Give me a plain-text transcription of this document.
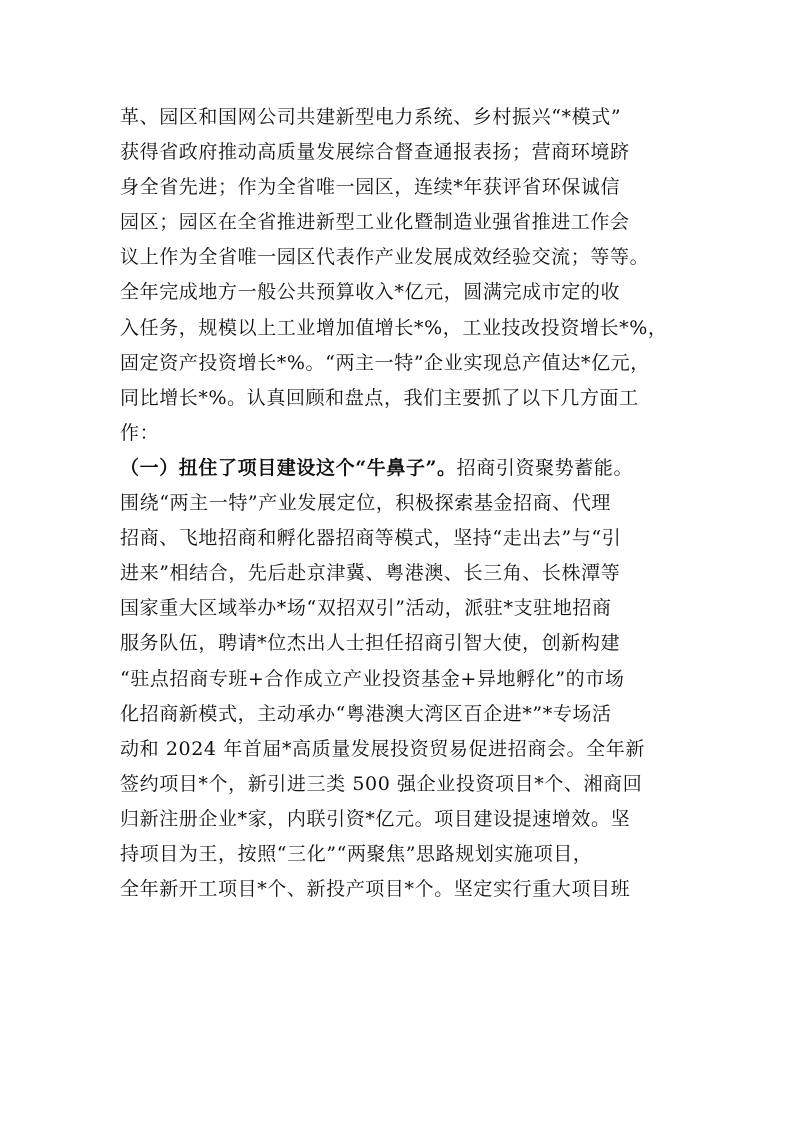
革、园区和国网公司共建新型电力系统、乡村振兴“*模式”
获得省政府推动高质量发展综合督查通报表扬；营商环境跻
身全省先进；作为全省唯一园区，连续*年获评省环保诚信
园区；园区在全省推进新型工业化暨制造业强省推进工作会
议上作为全省唯一园区代表作产业发展成效经验交流；等等。
全年完成地方一般公共预算收入*亿元，圆满完成市定的收
入任务，规模以上工业增加值增长*%，工业技改投资增长*%，
固定资产投资增长*%。“两主一特”企业实现总产值达*亿元，
同比增长*%。认真回顾和盘点，我们主要抓了以下几方面工
作：
（一）扭住了项目建设这个“牛鼻子”。招商引资聚势蓄能。
围绕“两主一特”产业发展定位，积极探索基金招商、代理
招商、飞地招商和孵化器招商等模式，坚持“走出去”与“引
进来”相结合，先后赴京津冀、粤港澳、长三角、长株潭等
国家重大区域举办*场“双招双引”活动，派驻*支驻地招商
服务队伍，聘请*位杰出人士担任招商引智大使，创新构建
“驻点招商专班+合作成立产业投资基金+异地孵化”的市场
化招商新模式，主动承办“粤港澳大湾区百企进*”*专场活
动和 2024 年首届*高质量发展投资贸易促进招商会。全年新
签约项目*个，新引进三类 500 强企业投资项目*个、湘商回
归新注册企业*家，内联引资*亿元。项目建设提速增效。坚
持项目为王，按照“三化”“两聚焦”思路规划实施项目，
全年新开工项目*个、新投产项目*个。坚定实行重大项目班
